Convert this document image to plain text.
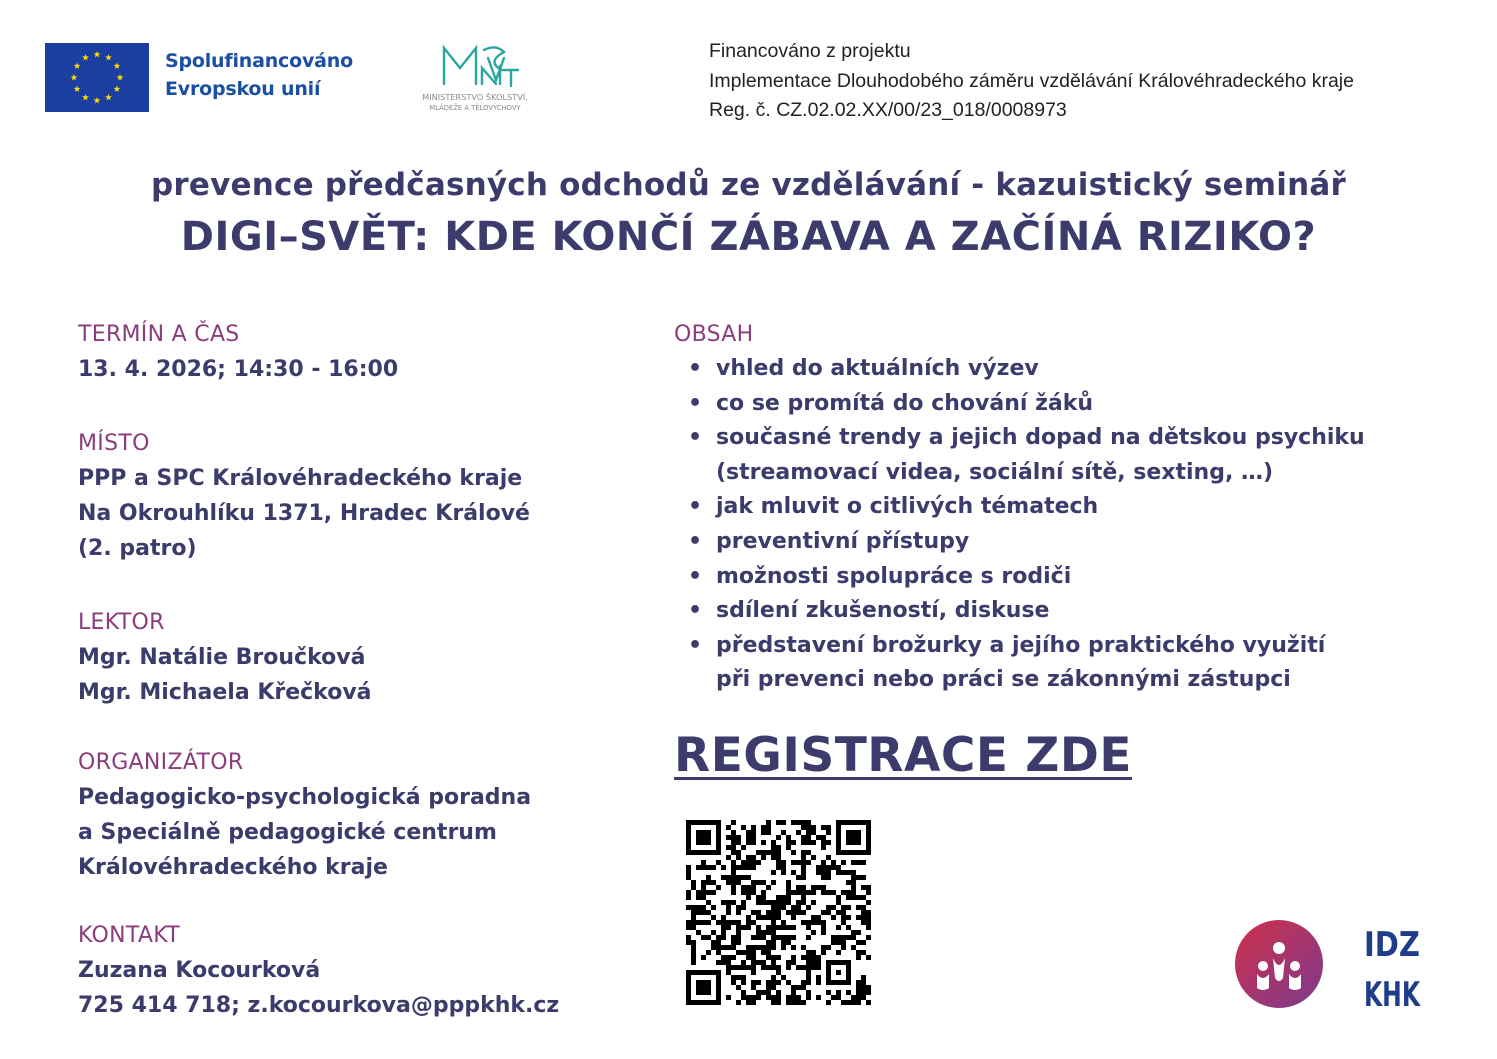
Spolufinancováno
Evropskou unií	MINISTERSTVO ŠKOLSTVÍ,
MLÁDEŽE A TĚLOVÝCHOVY
Financováno z projektu
Implementace Dlouhodobého záměru vzdělávání Královéhradeckého kraje
Reg. č. CZ.02.02.XX/00/23_018/0008973
prevence předčasných odchodů ze vzdělávání - kazuistický seminář
DIGI–SVĚT: KDE KONČÍ ZÁBAVA A ZAČÍNÁ RIZIKO?
TERMÍN A ČAS
13. 4. 2026; 14:30 - 16:00
MÍSTO
PPP a SPC Královéhradeckého kraje
Na Okrouhlíku 1371, Hradec Králové
(2. patro)
LEKTOR
Mgr. Natálie Broučková
Mgr. Michaela Křečková
ORGANIZÁTOR
Pedagogicko-psychologická poradna
a Speciálně pedagogické centrum
Královéhradeckého kraje
KONTAKT
Zuzana Kocourková
725 414 718; z.kocourkova@pppkhk.cz
OBSAH
• vhled do aktuálních výzev
• co se promítá do chování žáků
• současné trendy a jejich dopad na dětskou psychiku
(streamovací videa, sociální sítě, sexting, …)
• jak mluvit o citlivých tématech
• preventivní přístupy
• možnosti spolupráce s rodiči
• sdílení zkušeností, diskuse
• představení brožurky a jejího praktického využití
při prevenci nebo práci se zákonnými zástupci
REGISTRACE ZDE
IDZ
KHK
